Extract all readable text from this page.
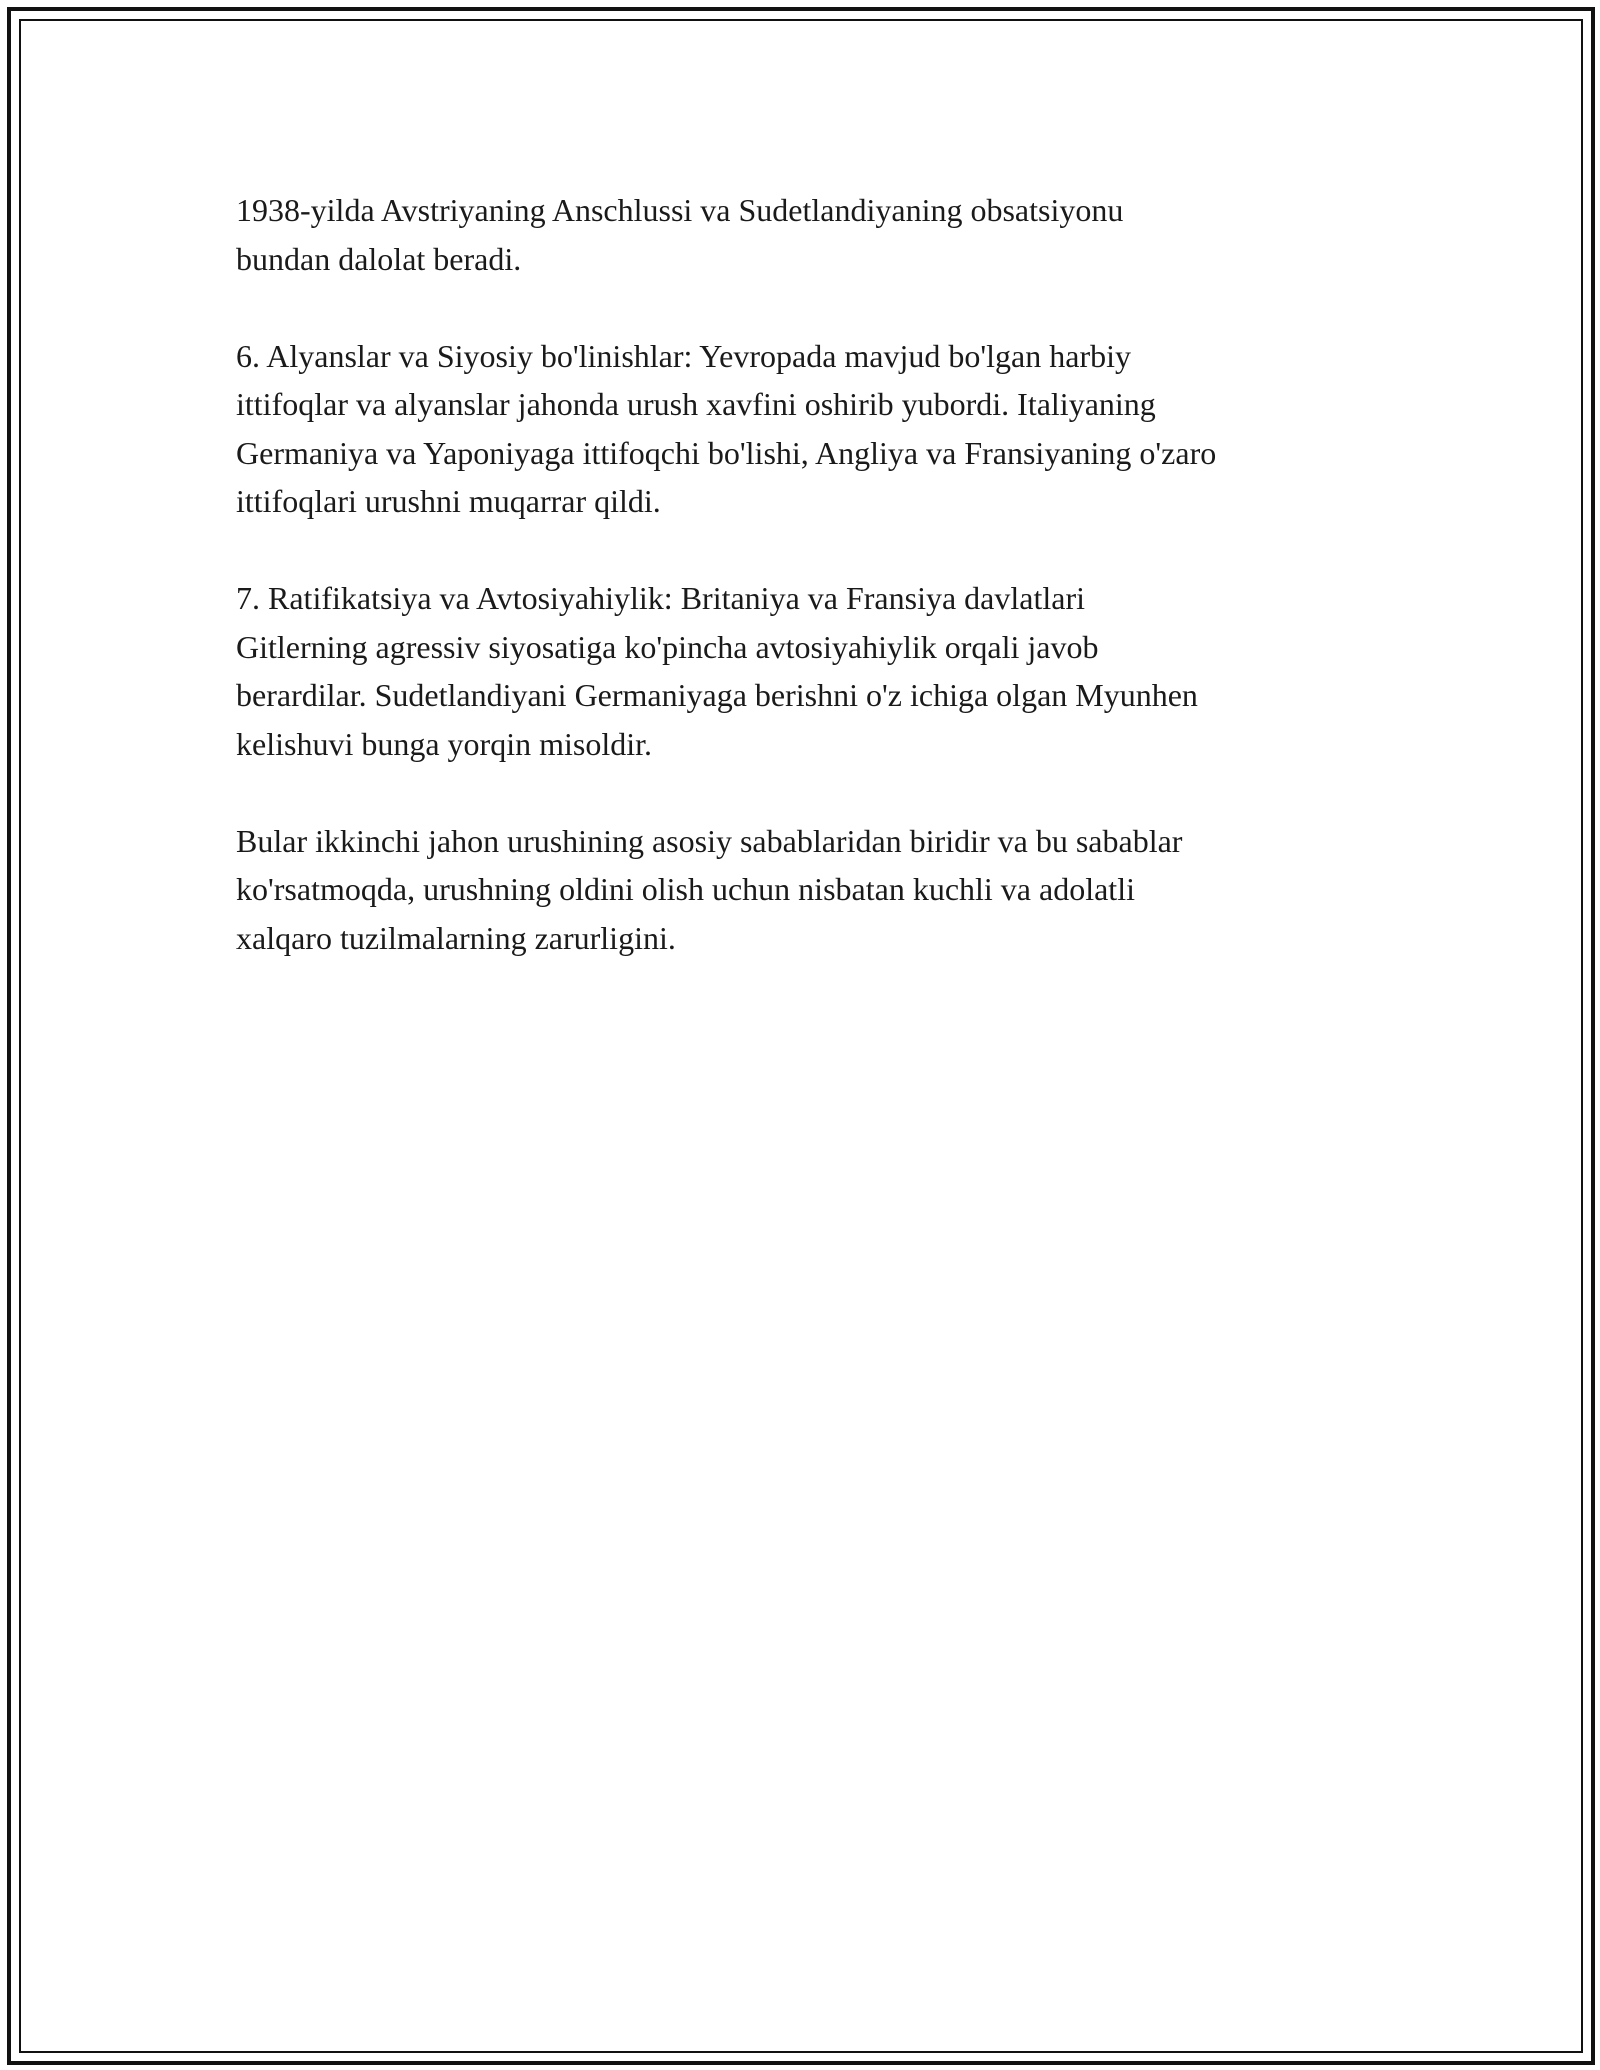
1938-yilda Avstriyaning Anschlussi va Sudetlandiyaning obsatsiyonu
bundan dalolat beradi.

6. Alyanslar va Siyosiy bo'linishlar: Yevropada mavjud bo'lgan harbiy
ittifoqlar va alyanslar jahonda urush xavfini oshirib yubordi. Italiyaning
Germaniya va Yaponiyaga ittifoqchi bo'lishi, Angliya va Fransiyaning o'zaro
ittifoqlari urushni muqarrar qildi.

7. Ratifikatsiya va Avtosiyahiylik: Britaniya va Fransiya davlatlari
Gitlerning agressiv siyosatiga ko'pincha avtosiyahiylik orqali javob
berardilar. Sudetlandiyani Germaniyaga berishni o'z ichiga olgan Myunhen
kelishuvi bunga yorqin misoldir.

Bular ikkinchi jahon urushining asosiy sabablaridan biridir va bu sabablar
ko'rsatmoqda, urushning oldini olish uchun nisbatan kuchli va adolatli
xalqaro tuzilmalarning zarurligini.
